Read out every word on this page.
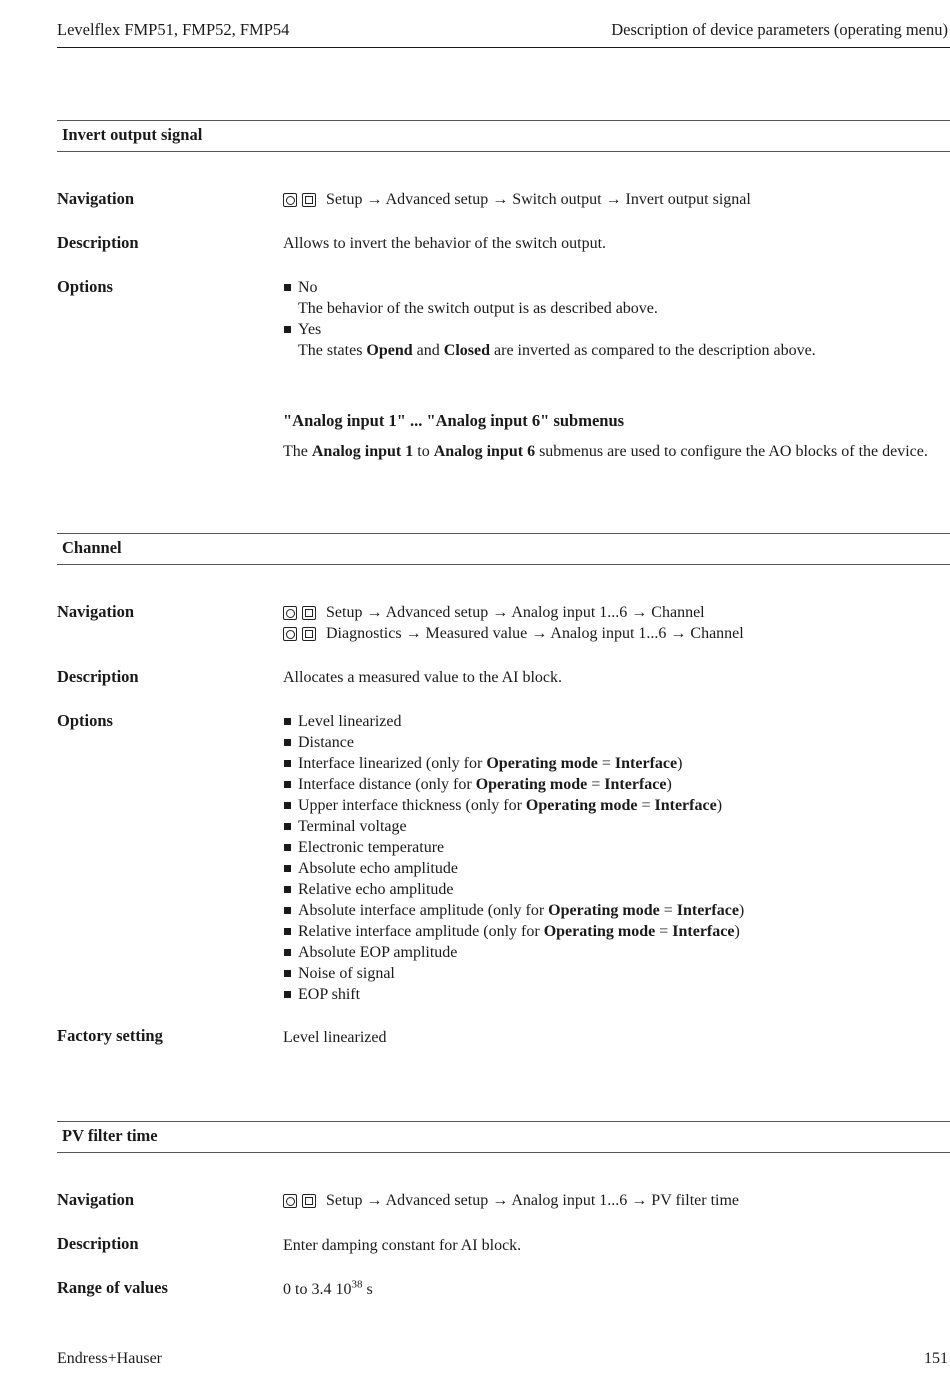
Levelflex FMP51, FMP52, FMP54	Description of device parameters (operating menu)
Invert output signal
Navigation	Setup → Advanced setup → Switch output → Invert output signal
Description	Allows to invert the behavior of the switch output.
Options	No
The behavior of the switch output is as described above.
Yes
The states Opend and Closed are inverted as compared to the description above.
"Analog input 1" ... "Analog input 6" submenus
The Analog input 1 to Analog input 6 submenus are used to configure the AO blocks of the device.
Channel
Navigation	Setup → Advanced setup → Analog input 1...6 → Channel
Diagnostics → Measured value → Analog input 1...6 → Channel
Description	Allocates a measured value to the AI block.
Options	Level linearized
Distance
Interface linearized (only for Operating mode = Interface)
Interface distance (only for Operating mode = Interface)
Upper interface thickness (only for Operating mode = Interface)
Terminal voltage
Electronic temperature
Absolute echo amplitude
Relative echo amplitude
Absolute interface amplitude (only for Operating mode = Interface)
Relative interface amplitude (only for Operating mode = Interface)
Absolute EOP amplitude
Noise of signal
EOP shift
Factory setting	Level linearized
PV filter time
Navigation	Setup → Advanced setup → Analog input 1...6 → PV filter time
Description	Enter damping constant for AI block.
Range of values	0 to 3.4 $10^{38}$ s
Endress+Hauser	151
